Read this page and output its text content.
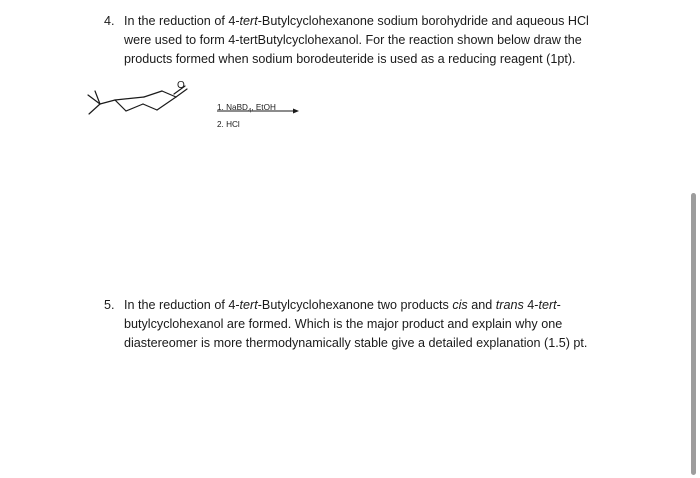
4. In the reduction of 4-tert-Butylcyclohexanone sodium borohydride and aqueous HCl

were used to form 4-tertButylcyclohexanol. For the reaction shown below draw the

products formed when sodium borodeuteride is used as a reducing reagent (1pt).

O
1. NaBD$_4$, EtOH
2. HCl
5. In the reduction of 4-tert-Butylcyclohexanone two products cis and trans 4-tert-

butylcyclohexanol are formed. Which is the major product and explain why one

diastereomer is more thermodynamically stable give a detailed explanation (1.5) pt.
